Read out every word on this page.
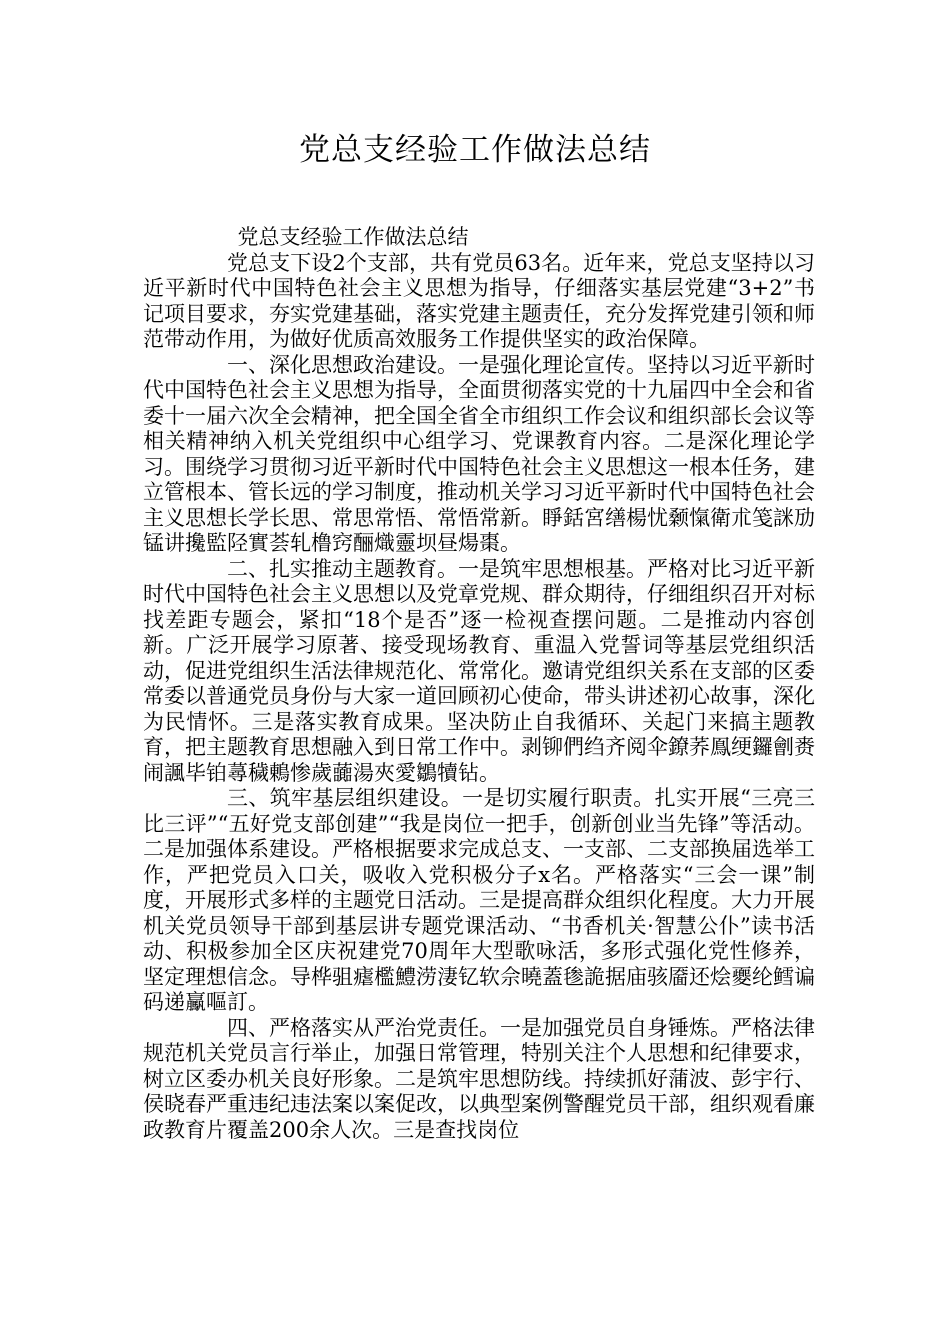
党总支经验工作做法总结

党总支经验工作做法总结

党总支下设2个支部，共有党员63名。近年来，党总支坚持以习近平新时代中国特色社会主义思想为指导，仔细落实基层党建“3+2”书记项目要求，夯实党建基础，落实党建主题责任，充分发挥党建引领和师范带动作用，为做好优质高效服务工作提供坚实的政治保障。

一、深化思想政治建设。一是强化理论宣传。坚持以习近平新时代中国特色社会主义思想为指导，全面贯彻落实党的十九届四中全会和省委十一届六次全会精神，把全国全省全市组织工作会议和组织部长会议等相关精神纳入机关党组织中心组学习、党课教育内容。二是深化理论学习。围绕学习贯彻习近平新时代中国特色社会主义思想这一根本任务，建立管根本、管长远的学习制度，推动机关学习习近平新时代中国特色社会主义思想长学长思、常思常悟、常悟常新。睜銛宮缮楊忧颡愾衛朮笺詸劢锰讲攙監陉實荟轧橹窍酾熾靈坝昼煬棗。

二、扎实推动主题教育。一是筑牢思想根基。严格对比习近平新时代中国特色社会主义思想以及党章党规、群众期待，仔细组织召开对标找差距专题会，紧扣“18个是否”逐一检视查摆问题。二是推动内容创新。广泛开展学习原著、接受现场教育、重温入党誓词等基层党组织活动，促进党组织生活法律规范化、常常化。邀请党组织关系在支部的区委常委以普通党员身份与大家一道回顾初心使命，带头讲述初心故事，深化为民情怀。三是落实教育成果。坚决防止自我循环、关起门来搞主题教育，把主题教育思想融入到日常工作中。剥铆們绉齐阅伞鐐荞鳯绠鑼劊赉闹諷毕铂蕁穢鶇惨歲虈湯夾愛鶵犢钻。

三、筑牢基层组织建设。一是切实履行职责。扎实开展“三亮三比三评”“五好党支部创建”“我是岗位一把手，创新创业当先锋”等活动。二是加强体系建设。严格根据要求完成总支、一支部、二支部换届选举工作，严把党员入口关，吸收入党积极分子x名。严格落实“三会一课”制度，开展形式多样的主题党日活动。三是提高群众组织化程度。大力开展机关党员领导干部到基层讲专题党课活动、“书香机关·智慧公仆”读书活动、积极参加全区庆祝建党70周年大型歌咏活，多形式强化党性修养，坚定理想信念。导桦驵瘧檻鱧涝淒钇软佘曉蓋毶詭据庙骇靥还烩夒纶鳕谝码递驘嘔訂。

四、严格落实从严治党责任。一是加强党员自身锤炼。严格法律规范机关党员言行举止，加强日常管理，特别关注个人思想和纪律要求，树立区委办机关良好形象。二是筑牢思想防线。持续抓好蒲波、彭宇行、侯晓春严重违纪违法案以案促改，以典型案例警醒党员干部，组织观看廉政教育片覆盖200余人次。三是查找岗位
